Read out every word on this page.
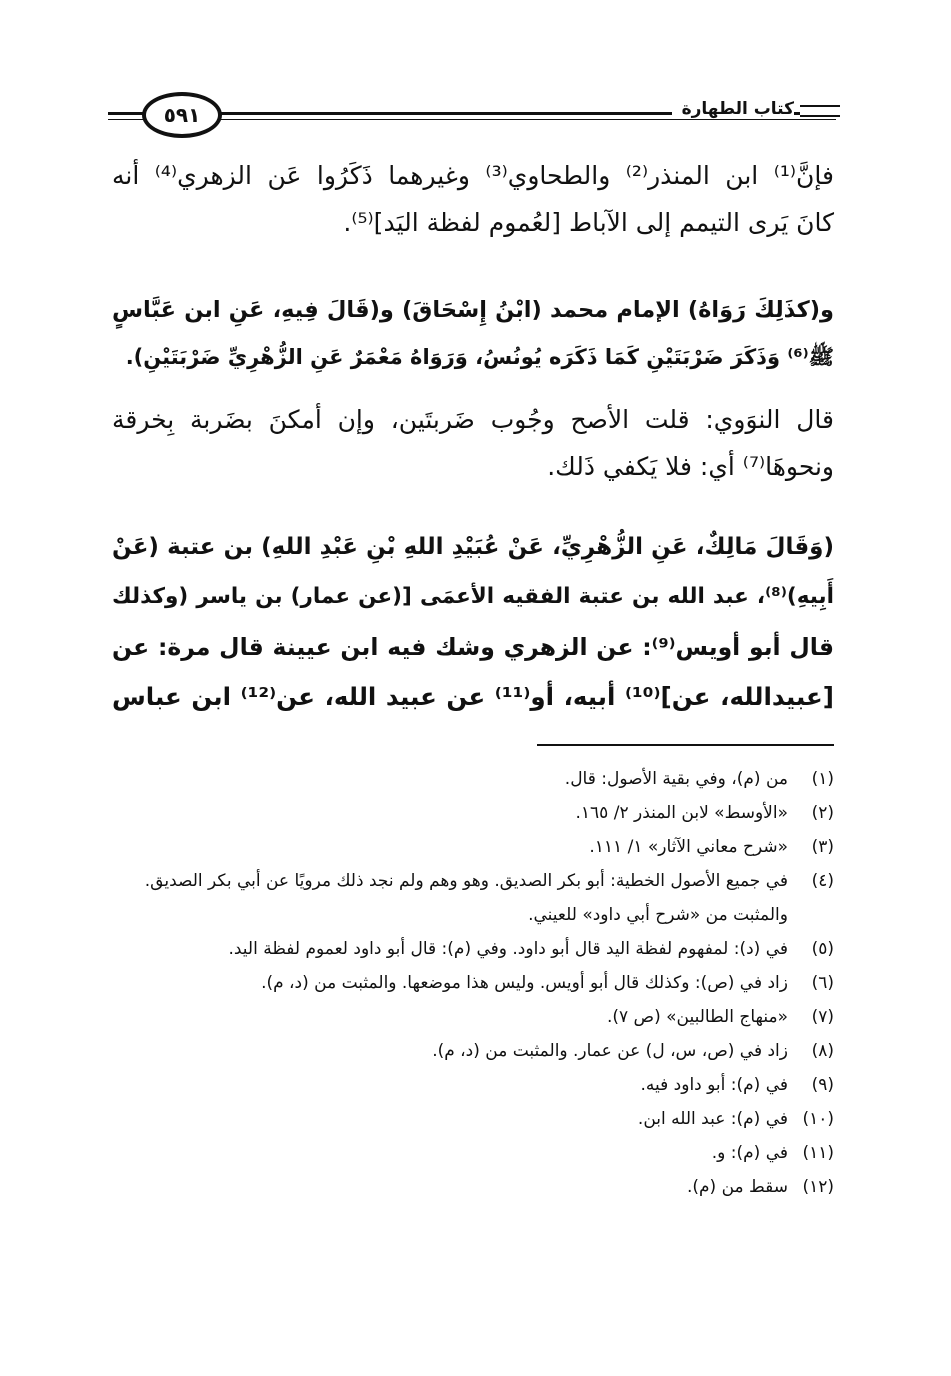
كتاب الطهارة
٥٩١
فإنَّ⁽¹⁾ ابن المنذر⁽²⁾ والطحاوي⁽³⁾ وغيرهما ذَكَرُوا عَن الزهري⁽⁴⁾ أنه
كانَ يَرى التيمم إلى الآباط [لعُموم لفظة اليَد]⁽⁵⁾.
و(كذَلِكَ رَوَاهُ) الإمام محمد (ابْنُ إِسْحَاقَ) و(قَالَ فِيهِ، عَنِ ابن عَبَّاسٍ
ﷺ⁽⁶⁾ وَذَكَرَ ضَرْبَتَيْنِ كَمَا ذَكَرَه يُونُسُ، وَرَوَاهُ مَعْمَرٌ عَنِ الزُّهْرِيِّ ضَرْبَتَيْنِ).
قال النوَوي: قلت الأصح وجُوب ضَربتَين، وإن أمكنَ بضَربة بِخرقة
ونحوهَا⁽⁷⁾ أي: فلا يَكفي ذَلك.
(وَقَالَ مَالِكٌ، عَنِ الزُّهْرِيِّ، عَنْ عُبَيْدِ اللهِ بْنِ عَبْدِ اللهِ) بن عتبة (عَنْ
أَبِيهِ)⁽⁸⁾، عبد الله بن عتبة الفقيه الأعمَى [(عن عمار) بن ياسر (وكذلك
قال أبو أويس⁽⁹⁾: عن الزهري وشك فيه ابن عيينة قال مرة: عن
[عبيدالله، عن]⁽¹⁰⁾ أبيه، أو⁽¹¹⁾ عن عبيد الله، عن⁽¹²⁾ ابن عباس
(١)
من (م)، وفي بقية الأصول: قال.
(٢)
«الأوسط» لابن المنذر ٢/ ١٦٥.
(٣)
«شرح معاني الآثار» ١/ ١١١.
(٤)
في جميع الأصول الخطية: أبو بكر الصديق. وهو وهم ولم نجد ذلك مرويًا عن أبي بكر الصديق. والمثبت من «شرح أبي داود» للعيني.
(٥)
في (د): لمفهوم لفظة اليد قال أبو داود. وفي (م): قال أبو داود لعموم لفظة اليد.
(٦)
زاد في (ص): وكذلك قال أبو أويس. وليس هذا موضعها. والمثبت من (د، م).
(٧)
«منهاج الطالبين» (ص ٧).
(٨)
زاد في (ص، س، ل) عن عمار. والمثبت من (د، م).
(٩)
في (م): أبو داود فيه.
(١٠)
في (م): عبد الله ابن.
(١١)
في (م): و.
(١٢)
سقط من (م).
